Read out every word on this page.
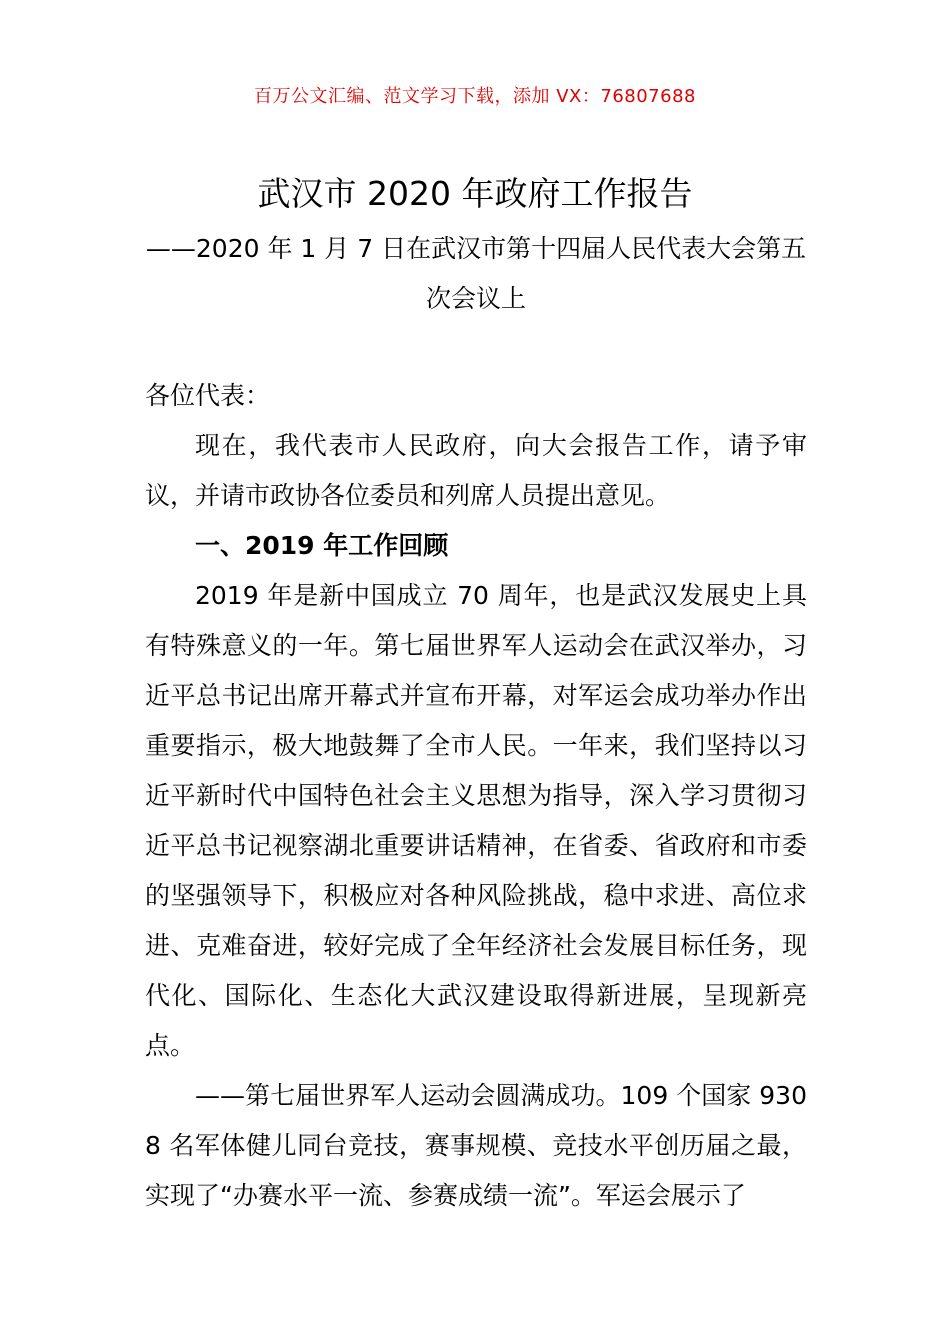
百万公文汇编、范文学习下载，添加 VX：76807688
武汉市 2020 年政府工作报告
——2020 年 1 月 7 日在武汉市第十四届人民代表大会第五次会议上

各位代表：

现在，我代表市人民政府，向大会报告工作，请予审议，并请市政协各位委员和列席人员提出意见。

一、2019 年工作回顾

2019 年是新中国成立 70 周年，也是武汉发展史上具有特殊意义的一年。第七届世界军人运动会在武汉举办，习近平总书记出席开幕式并宣布开幕，对军运会成功举办作出重要指示，极大地鼓舞了全市人民。一年来，我们坚持以习近平新时代中国特色社会主义思想为指导，深入学习贯彻习近平总书记视察湖北重要讲话精神，在省委、省政府和市委的坚强领导下，积极应对各种风险挑战，稳中求进、高位求进、克难奋进，较好完成了全年经济社会发展目标任务，现代化、国际化、生态化大武汉建设取得新进展，呈现新亮点。

——第七届世界军人运动会圆满成功。109 个国家 9308 名军体健儿同台竞技，赛事规模、竞技水平创历届之最，实现了“办赛水平一流、参赛成绩一流”。军运会展示了
